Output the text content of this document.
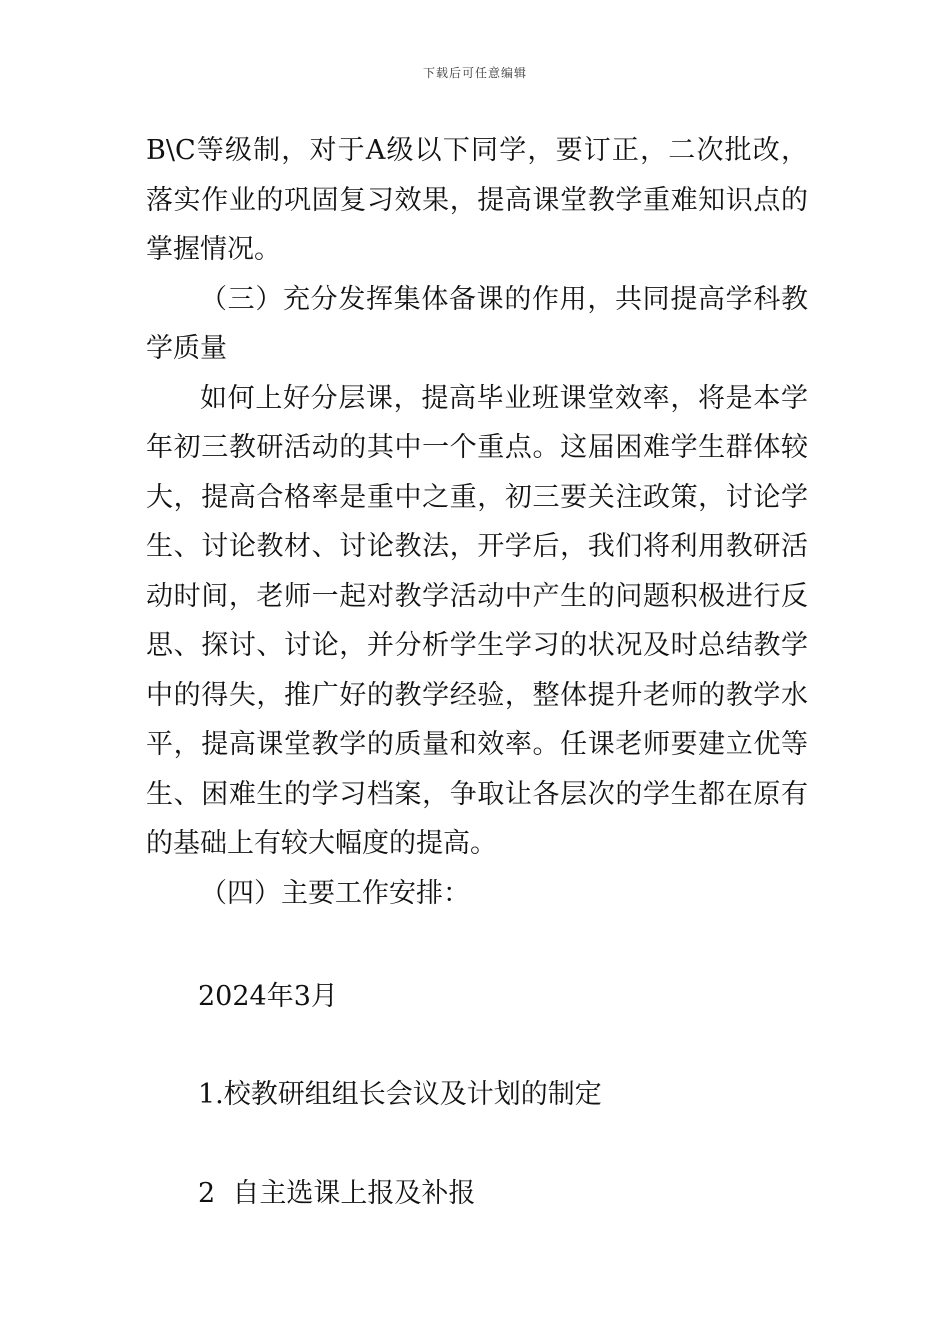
下载后可任意编辑

B\C等级制，对于A级以下同学，要订正，二次批改，落实作业的巩固复习效果，提高课堂教学重难知识点的掌握情况。

（三）充分发挥集体备课的作用，共同提高学科教学质量

如何上好分层课，提高毕业班课堂效率，将是本学年初三教研活动的其中一个重点。这届困难学生群体较大，提高合格率是重中之重，初三要关注政策，讨论学生、讨论教材、讨论教法，开学后，我们将利用教研活动时间，老师一起对教学活动中产生的问题积极进行反思、探讨、讨论，并分析学生学习的状况及时总结教学中的得失，推广好的教学经验，整体提升老师的教学水平，提高课堂教学的质量和效率。任课老师要建立优等生、困难生的学习档案，争取让各层次的学生都在原有的基础上有较大幅度的提高。

（四）主要工作安排：

2024年3月

1.校教研组组长会议及计划的制定

2  自主选课上报及补报
